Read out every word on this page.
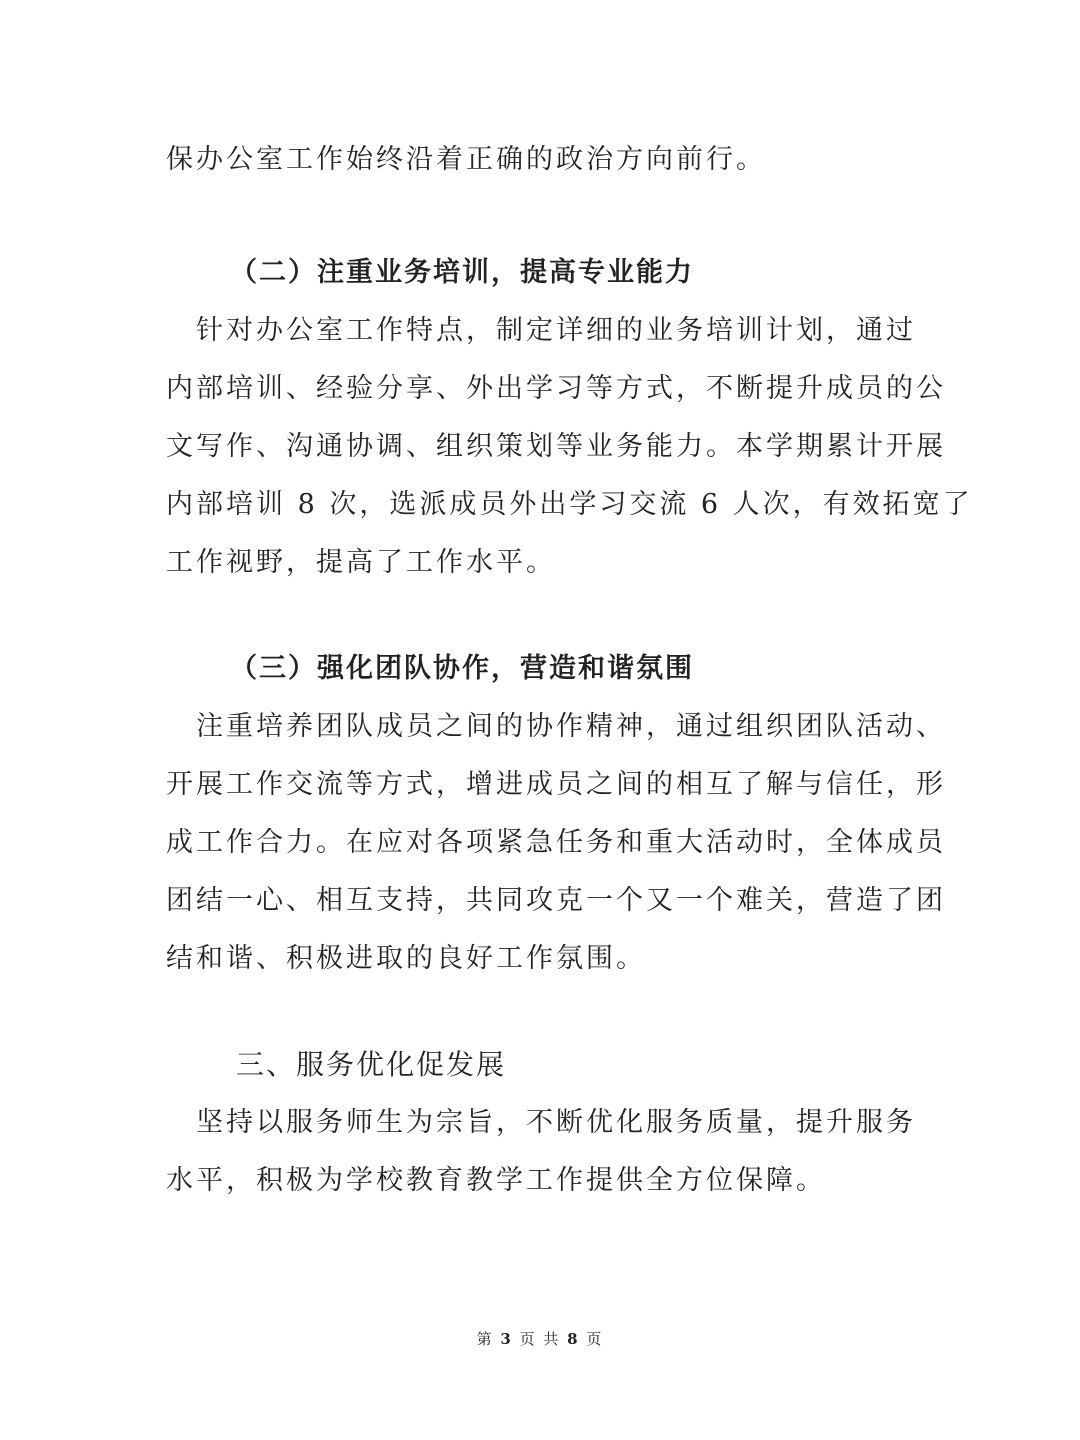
保办公室工作始终沿着正确的政治方向前行。
（二）注重业务培训，提高专业能力
　针对办公室工作特点，制定详细的业务培训计划，通过
内部培训、经验分享、外出学习等方式，不断提升成员的公
文写作、沟通协调、组织策划等业务能力。本学期累计开展
内部培训 8 次，选派成员外出学习交流 6 人次，有效拓宽了
工作视野，提高了工作水平。
（三）强化团队协作，营造和谐氛围
　注重培养团队成员之间的协作精神，通过组织团队活动、
开展工作交流等方式，增进成员之间的相互了解与信任，形
成工作合力。在应对各项紧急任务和重大活动时，全体成员
团结一心、相互支持，共同攻克一个又一个难关，营造了团
结和谐、积极进取的良好工作氛围。
三、服务优化促发展
　坚持以服务师生为宗旨，不断优化服务质量，提升服务
水平，积极为学校教育教学工作提供全方位保障。
第 3 页 共 8 页
